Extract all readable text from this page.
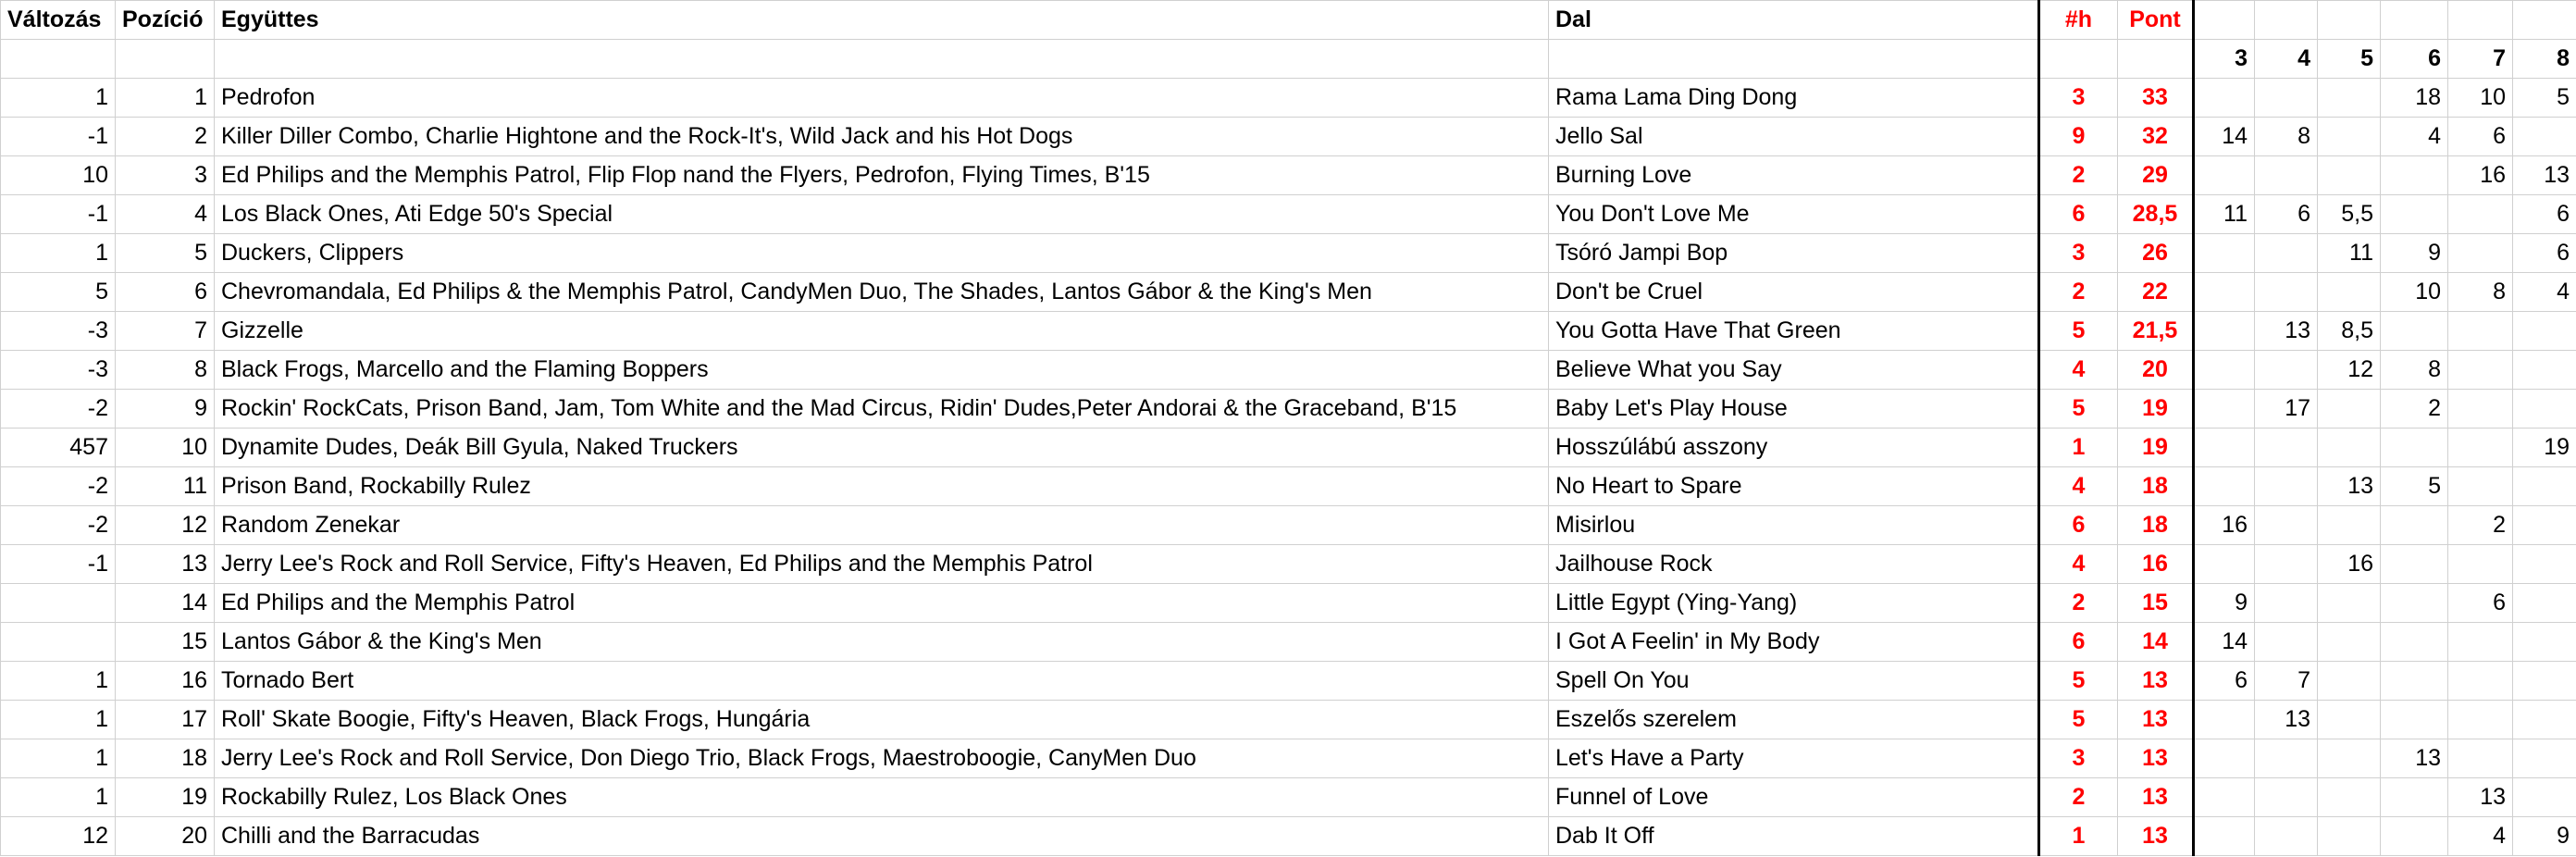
Változás	Pozíció	Együttes	Dal	#h	Pont						
						3	4	5	6	7	8
1	1	Pedrofon	Rama Lama Ding Dong	3	33				18	10	5
-1	2	Killer Diller Combo, Charlie Hightone and the Rock-It's, Wild Jack and his Hot Dogs	Jello Sal	9	32	14	8		4	6	
10	3	Ed Philips and the Memphis Patrol, Flip Flop nand the Flyers, Pedrofon, Flying Times, B'15	Burning Love	2	29					16	13
-1	4	Los Black Ones, Ati Edge 50's Special	You Don't Love Me	6	28,5	11	6	5,5			6
1	5	Duckers, Clippers	Tsóró Jampi Bop	3	26			11	9		6
5	6	Chevromandala, Ed Philips & the Memphis Patrol, CandyMen Duo, The Shades, Lantos Gábor & the King's Men	Don't be Cruel	2	22				10	8	4
-3	7	Gizzelle	You Gotta Have That Green	5	21,5		13	8,5			
-3	8	Black Frogs, Marcello and the Flaming Boppers	Believe What you Say	4	20			12	8		
-2	9	Rockin' RockCats, Prison Band, Jam, Tom White and the Mad Circus, Ridin' Dudes,Peter Andorai & the Graceband, B'15	Baby Let's Play House	5	19		17		2		
457	10	Dynamite Dudes, Deák Bill Gyula, Naked Truckers	Hosszúlábú asszony	1	19						19
-2	11	Prison Band, Rockabilly Rulez	No Heart to Spare	4	18			13	5		
-2	12	Random Zenekar	Misirlou	6	18	16				2	
-1	13	Jerry Lee's Rock and Roll Service, Fifty's Heaven, Ed Philips and the Memphis Patrol	Jailhouse Rock	4	16			16			
	14	Ed Philips and the Memphis Patrol	Little Egypt (Ying-Yang)	2	15	9				6	
	15	Lantos Gábor & the King's Men	I Got A Feelin' in My Body	6	14	14					
1	16	Tornado Bert	Spell On You	5	13	6	7				
1	17	Roll' Skate Boogie, Fifty's Heaven, Black Frogs, Hungária	Eszelős szerelem	5	13		13				
1	18	Jerry Lee's Rock and Roll Service, Don Diego Trio, Black Frogs, Maestroboogie, CanyMen Duo	Let's Have a Party	3	13				13		
1	19	Rockabilly Rulez, Los Black Ones	Funnel of Love	2	13					13	
12	20	Chilli and the Barracudas	Dab It Off	1	13					4	9
